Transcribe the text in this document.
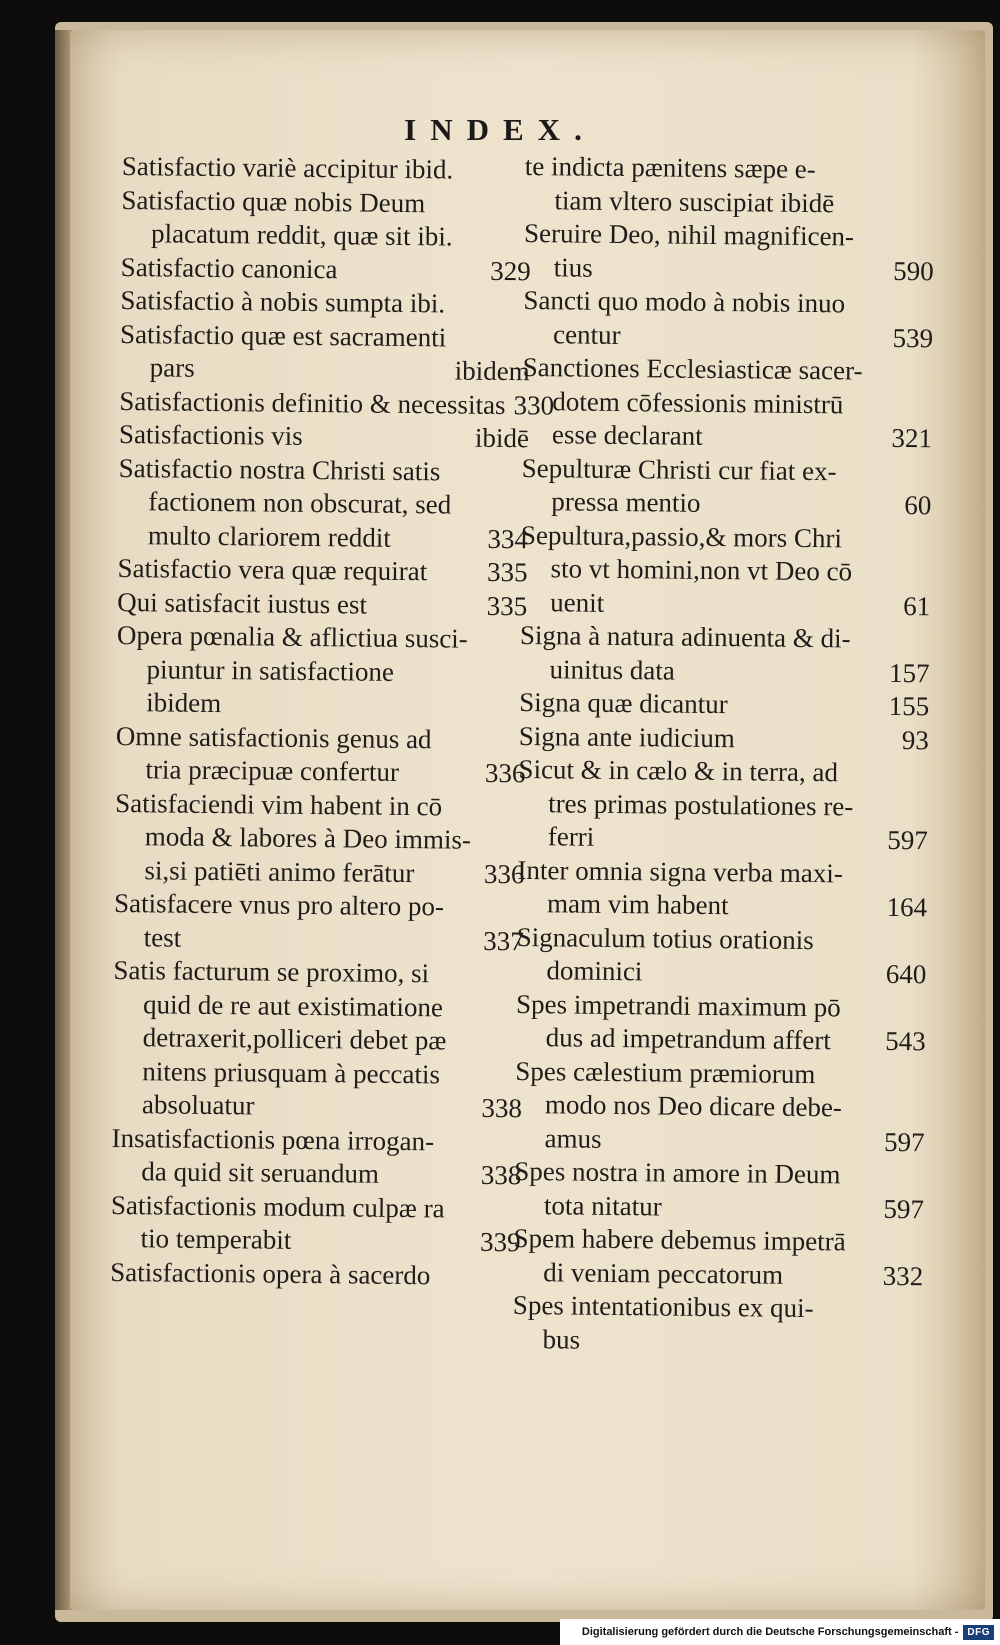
INDEX.
Satisfactio variè accipitur ibid.
Satisfactio quæ nobis Deum
placatum reddit, quæ sit ibi.
Satisfactio canonica	329
Satisfactio à nobis sumpta ibi.
Satisfactio quæ est sacramenti
pars	ibidem
Satisfactionis definitio & necessitas 330
Satisfactionis vis	ibidē
Satisfactio nostra Christi satis
factionem non obscurat, sed
multo clariorem reddit	334
Satisfactio vera quæ requirat 335
Qui satisfacit iustus est	335
Opera pœnalia & aflictiua susci-
piuntur in satisfactione
ibidem
Omne satisfactionis genus ad
tria præcipuæ confertur	336
Satisfaciendi vim habent in cō
moda & labores à Deo immis-
si,si patiēti animo ferātur	336
Satisfacere vnus pro altero po-
test	337
Satis facturum se proximo, si
quid de re aut existimatione
detraxerit,polliceri debet pæ
nitens priusquam à peccatis
absoluatur	338
Insatisfactionis pœna irrogan-
da quid sit seruandum	338
Satisfactionis modum culpæ ra
tio temperabit	339
Satisfactionis opera à sacerdo
te indicta pænitens sæpe e-
tiam vltero suscipiat ibidē
Seruire Deo, nihil magnificen-
tius	590
Sancti quo modo à nobis inuo
centur	539
Sanctiones Ecclesiasticæ sacer-
dotem cōfessionis ministrū
esse declarant	321
Sepulturæ Christi cur fiat ex-
pressa mentio	60
Sepultura,passio,& mors Chri
sto vt homini,non vt Deo cō
uenit	61
Signa à natura adinuenta & di-
uinitus data	157
Signa quæ dicantur	155
Signa ante iudicium	93
Sicut & in cælo & in terra, ad
tres primas postulationes re-
ferri	597
Inter omnia signa verba maxi-
mam vim habent	164
Signaculum totius orationis
dominici	640
Spes impetrandi maximum pō
dus ad impetrandum affert 543
Spes cælestium præmiorum
modo nos Deo dicare debe-
amus	597
Spes nostra in amore in Deum
tota nitatur	597
Spem habere debemus impetrā
di veniam peccatorum	332
Spes intentationibus ex qui-
bus
Digitalisierung gefördert durch die Deutsche Forschungsgemeinschaft - DFG
